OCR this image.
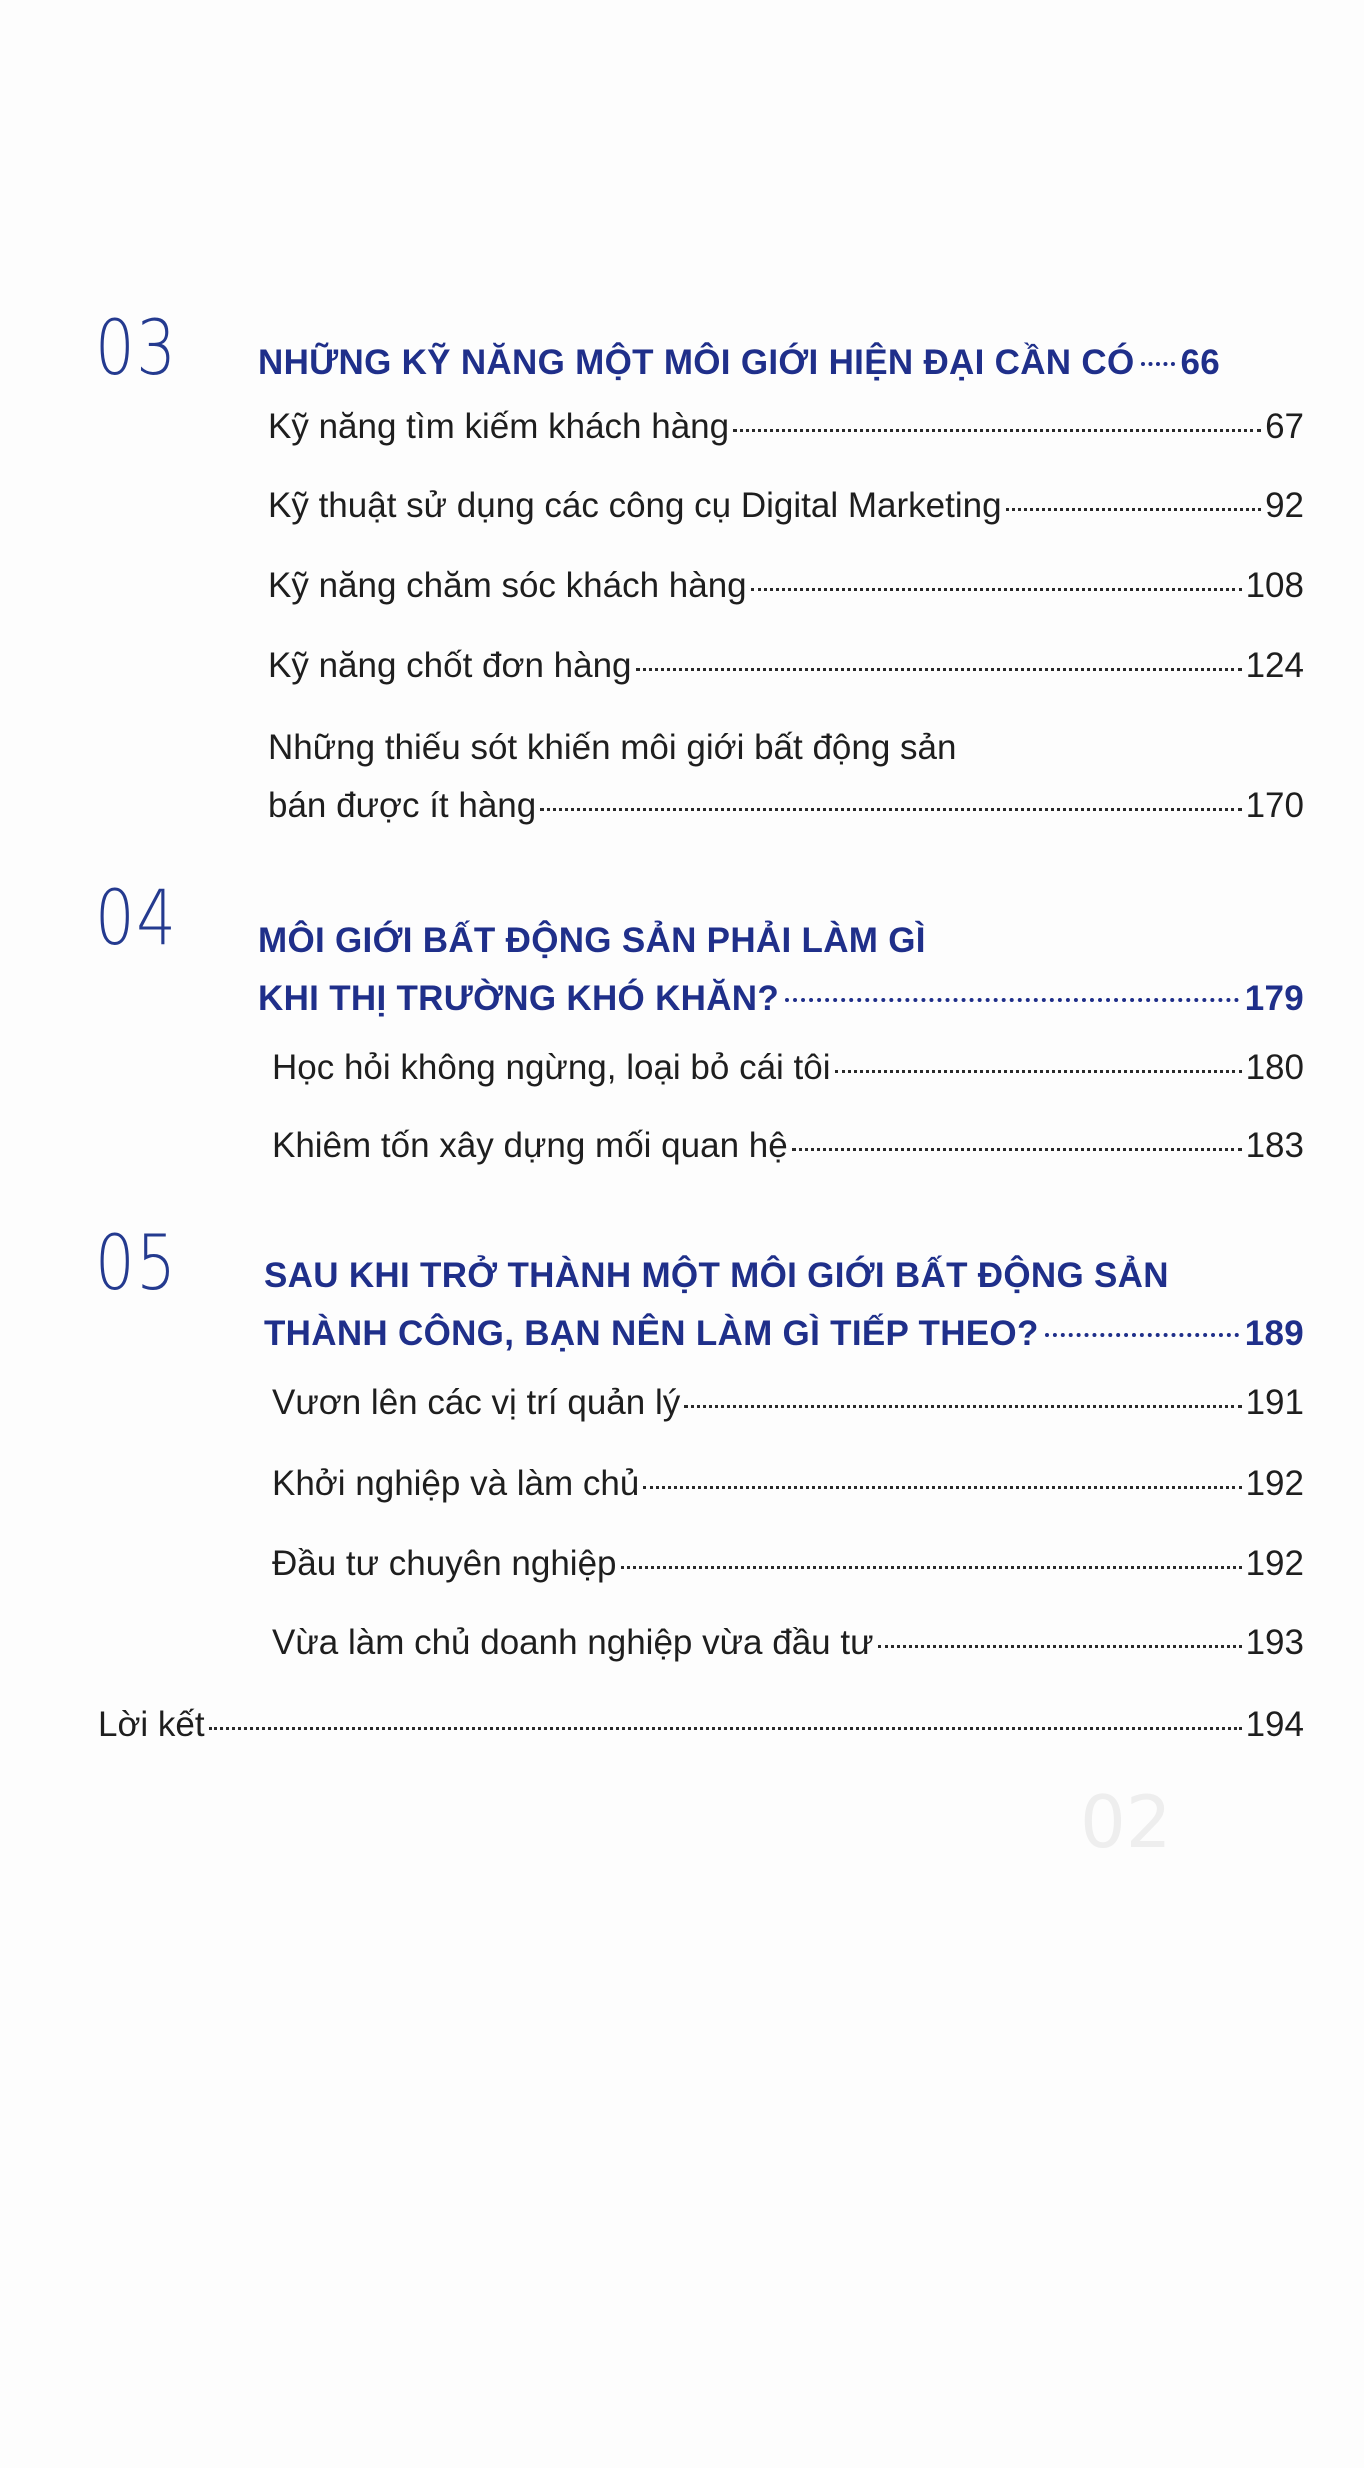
02
03 NHỮNG KỸ NĂNG MỘT MÔI GIỚI HIỆN ĐẠI CẦN CÓ 66
Kỹ năng tìm kiếm khách hàng	67
Kỹ thuật sử dụng các công cụ Digital Marketing	92
Kỹ năng chăm sóc khách hàng	108
Kỹ năng chốt đơn hàng	124
Những thiếu sót khiến môi giới bất động sản
bán được ít hàng	170
04 MÔI GIỚI BẤT ĐỘNG SẢN PHẢI LÀM GÌ
KHI THỊ TRƯỜNG KHÓ KHĂN?	179
Học hỏi không ngừng, loại bỏ cái tôi	180
Khiêm tốn xây dựng mối quan hệ	183
05 SAU KHI TRỞ THÀNH MỘT MÔI GIỚI BẤT ĐỘNG SẢN
THÀNH CÔNG, BẠN NÊN LÀM GÌ TIẾP THEO?	189
Vươn lên các vị trí quản lý	191
Khởi nghiệp và làm chủ	192
Đầu tư chuyên nghiệp	192
Vừa làm chủ doanh nghiệp vừa đầu tư	193
Lời kết	194
